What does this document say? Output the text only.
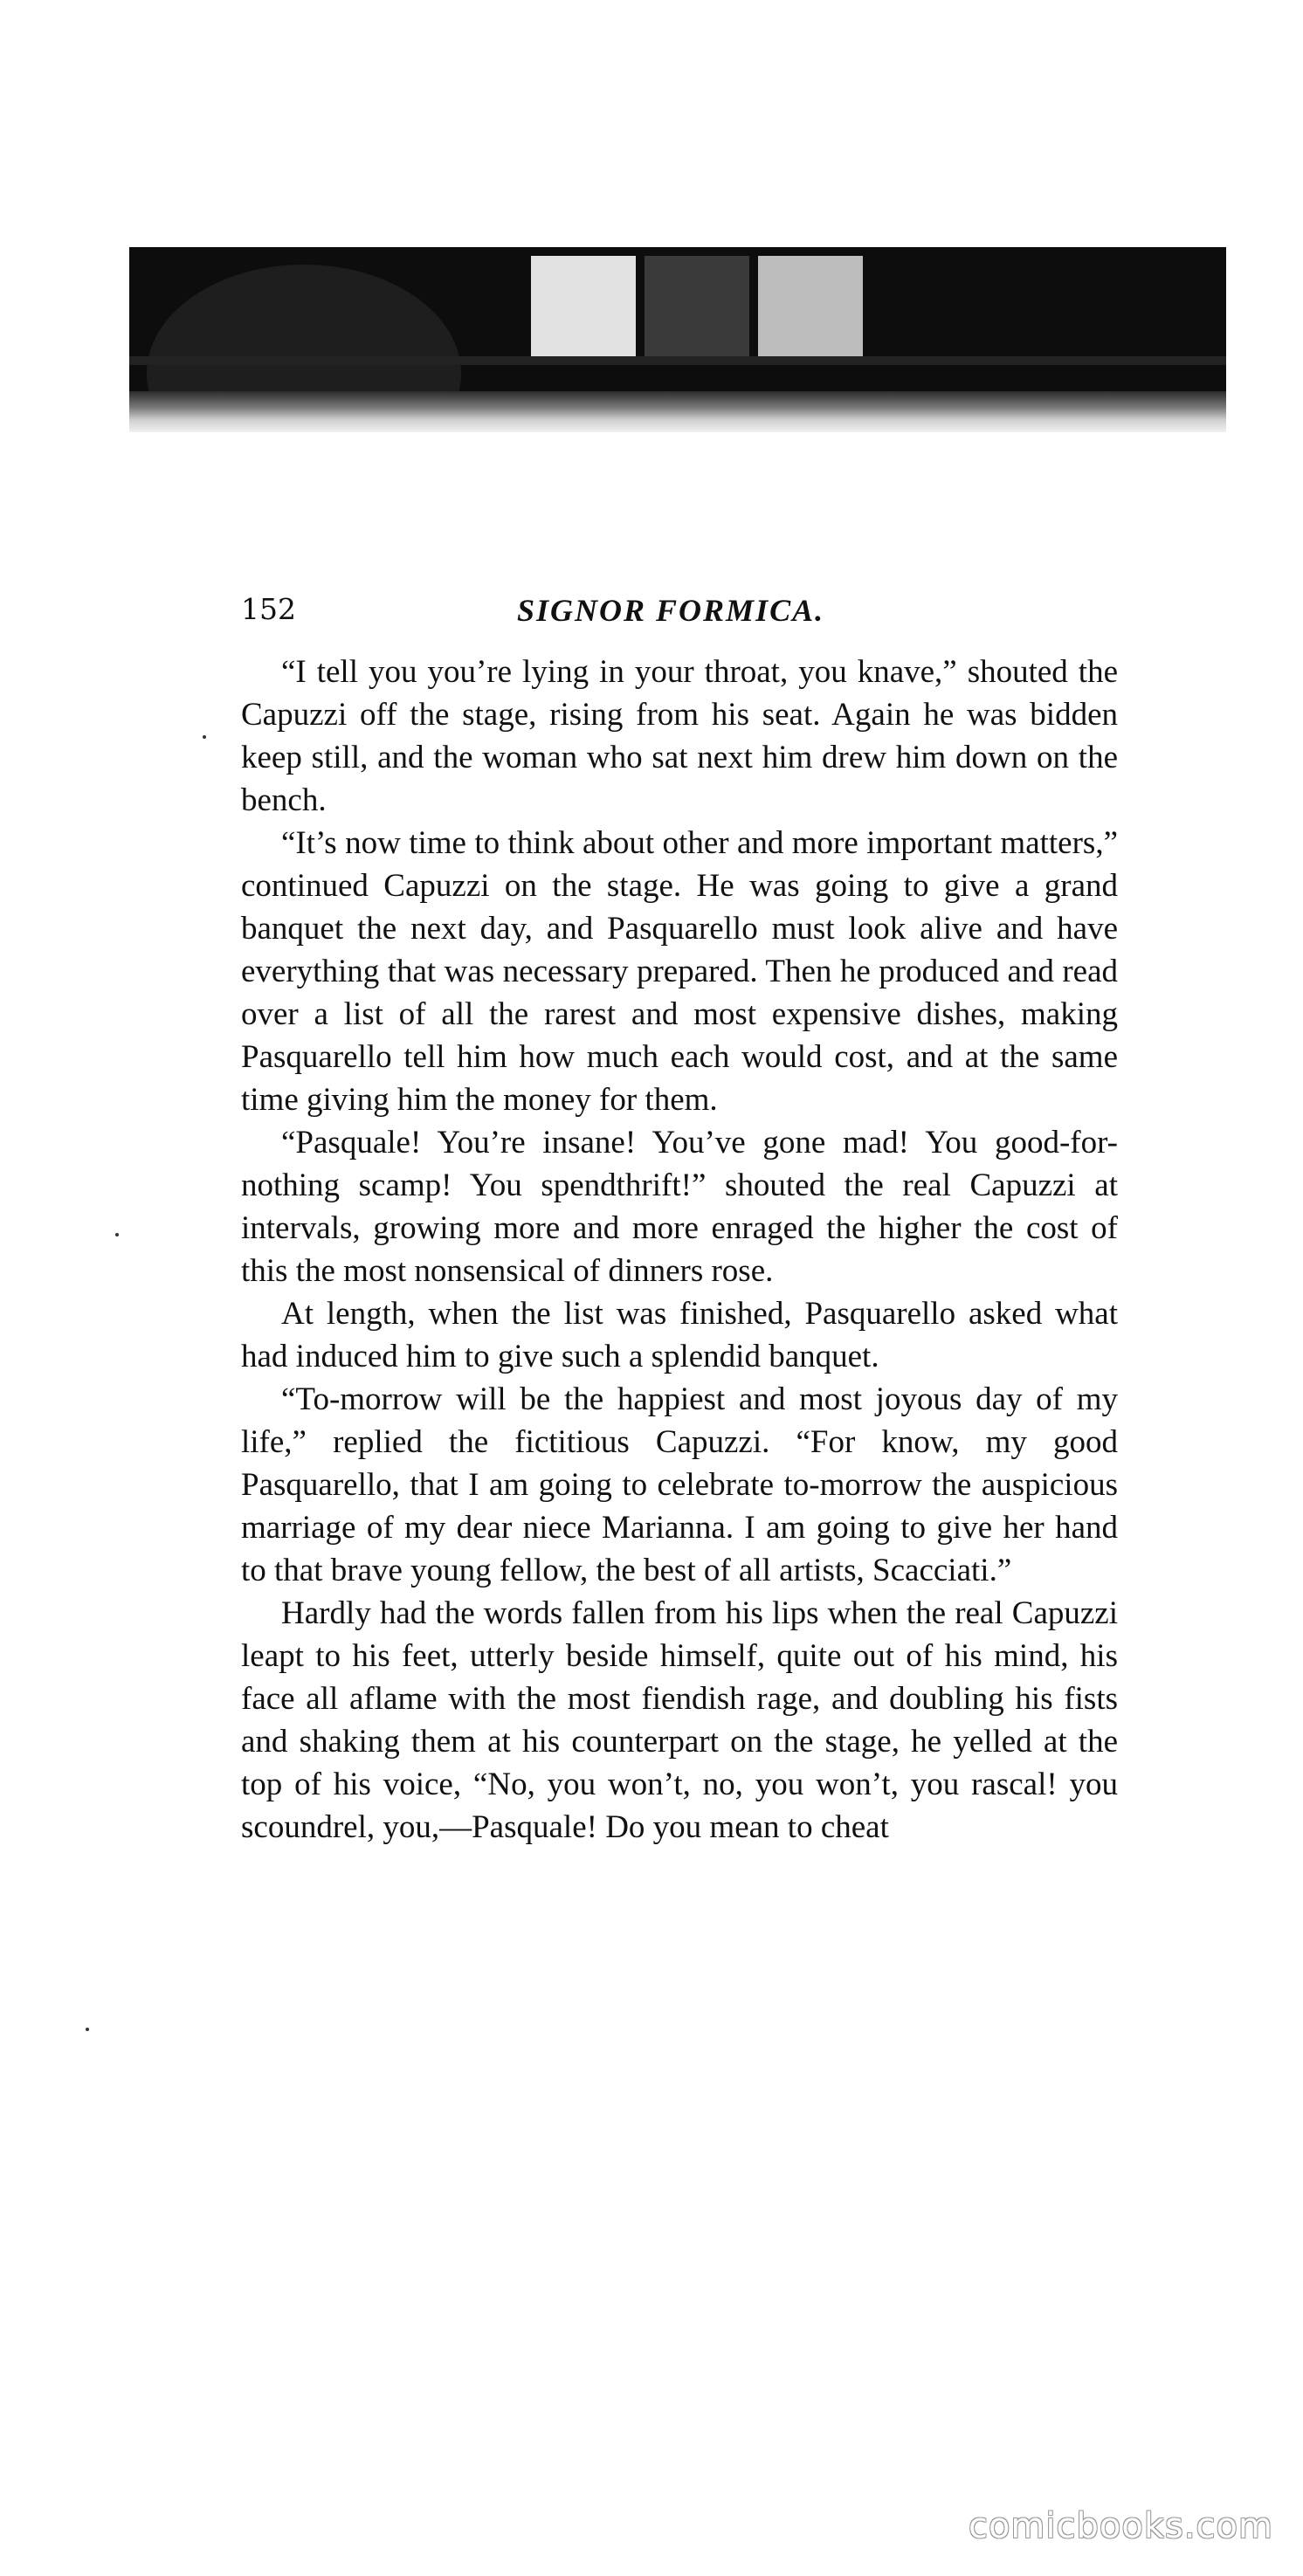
152	SIGNOR FORMICA.

“I tell you you’re lying in your throat, you knave,” shouted the Capuzzi off the stage, rising from his seat. Again he was bidden keep still, and the woman who sat next him drew him down on the bench.

“It’s now time to think about other and more important matters,” continued Capuzzi on the stage. He was going to give a grand banquet the next day, and Pasquarello must look alive and have everything that was necessary prepared. Then he produced and read over a list of all the rarest and most expensive dishes, making Pasquarello tell him how much each would cost, and at the same time giving him the money for them.

“Pasquale! You’re insane! You’ve gone mad! You good-for-nothing scamp! You spendthrift!” shouted the real Capuzzi at intervals, growing more and more enraged the higher the cost of this the most nonsensical of dinners rose.

At length, when the list was finished, Pasquarello asked what had induced him to give such a splendid banquet.

“To-morrow will be the happiest and most joyous day of my life,” replied the fictitious Capuzzi. “For know, my good Pasquarello, that I am going to celebrate to-morrow the auspicious marriage of my dear niece Marianna. I am going to give her hand to that brave young fellow, the best of all artists, Scacciati.”

Hardly had the words fallen from his lips when the real Capuzzi leapt to his feet, utterly beside himself, quite out of his mind, his face all aflame with the most fiendish rage, and doubling his fists and shaking them at his counterpart on the stage, he yelled at the top of his voice, “No, you won’t, no, you won’t, you rascal! you scoundrel, you,—Pasquale! Do you mean to cheat

comicbooks.com
